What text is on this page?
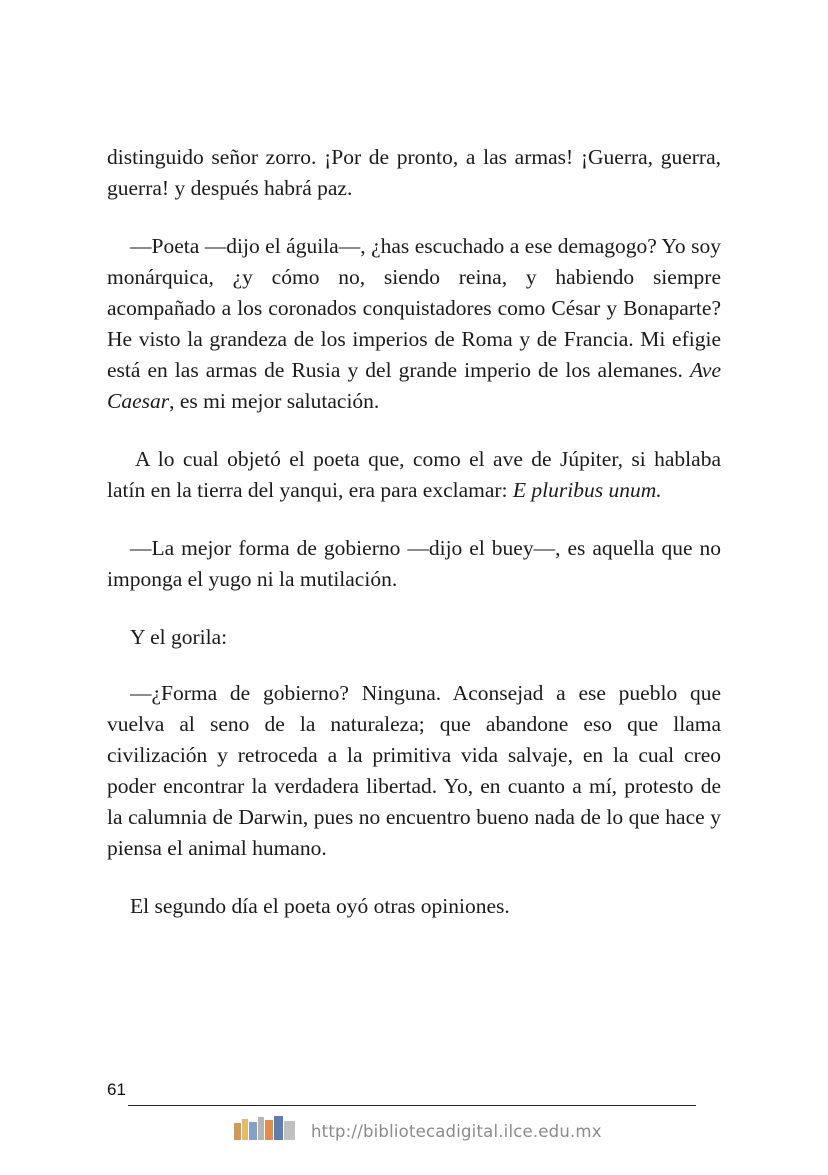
distinguido señor zorro. ¡Por de pronto, a las armas! ¡Guerra, guerra, guerra! y después habrá paz.

—Poeta —dijo el águila—, ¿has escuchado a ese demagogo? Yo soy monárquica, ¿y cómo no, siendo reina, y habiendo siempre acompañado a los coronados conquistadores como César y Bonaparte? He visto la grandeza de los imperios de Roma y de Francia. Mi efigie está en las armas de Rusia y del grande imperio de los alemanes. Ave Caesar, es mi mejor salutación.

A lo cual objetó el poeta que, como el ave de Júpiter, si hablaba latín en la tierra del yanqui, era para exclamar: E pluribus unum.

—La mejor forma de gobierno —dijo el buey—, es aquella que no imponga el yugo ni la mutilación.

Y el gorila:

—¿Forma de gobierno? Ninguna. Aconsejad a ese pueblo que vuelva al seno de la naturaleza; que abandone eso que llama civilización y retroceda a la primitiva vida salvaje, en la cual creo poder encontrar la verdadera libertad. Yo, en cuanto a mí, protesto de la calumnia de Darwin, pues no encuentro bueno nada de lo que hace y piensa el animal humano.

El segundo día el poeta oyó otras opiniones.

61
http://bibliotecadigital.ilce.edu.mx
